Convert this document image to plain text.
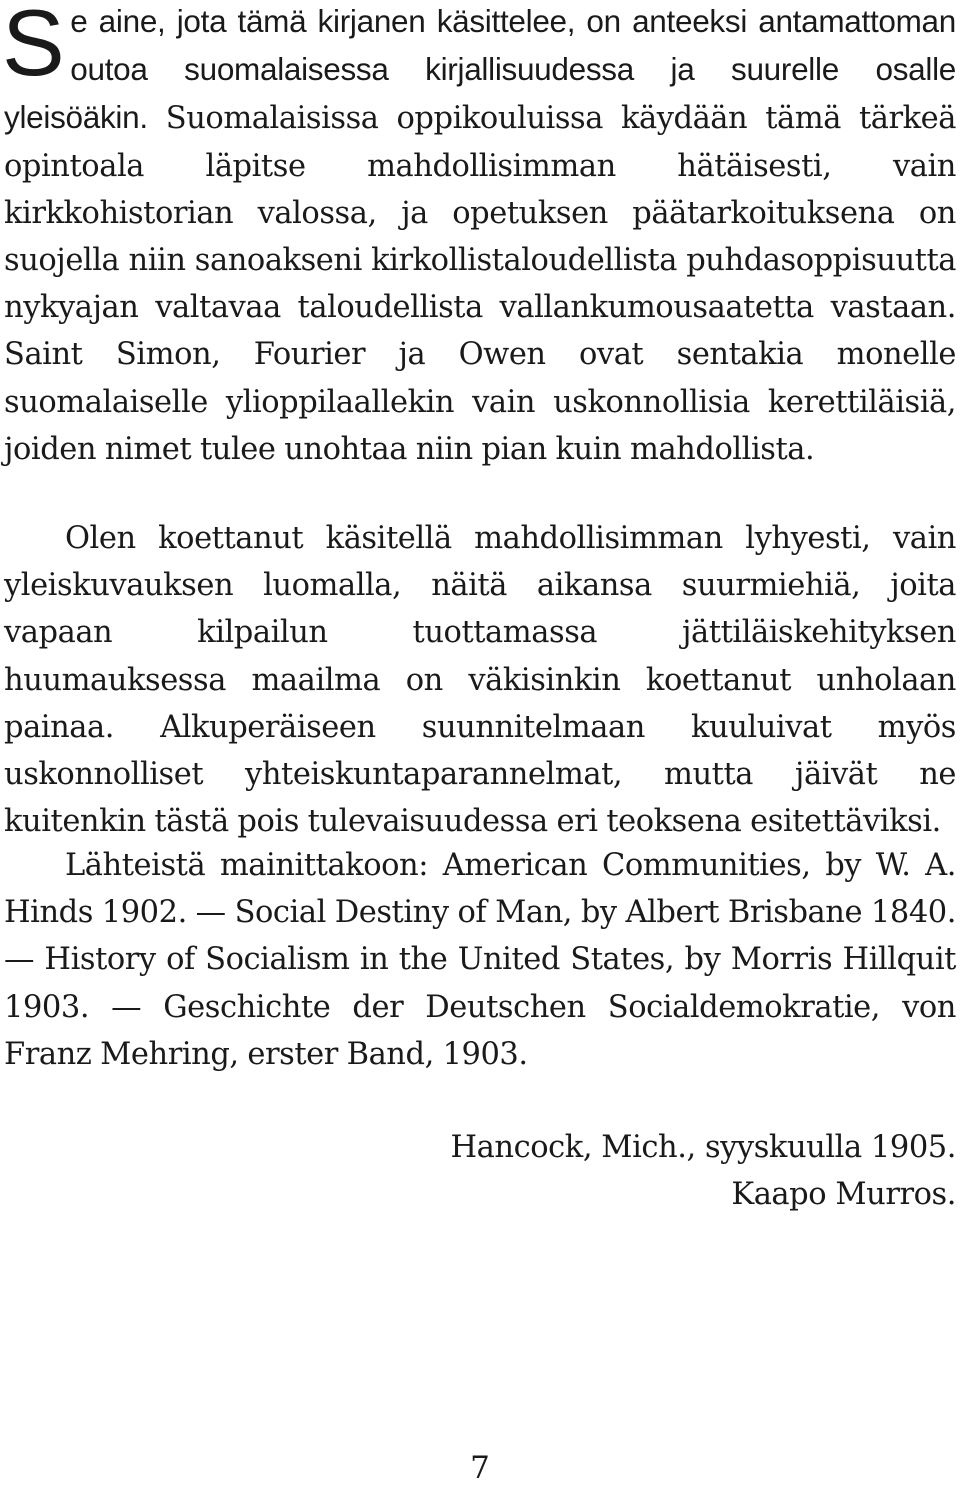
Se aine, jota tämä kirjanen käsittelee, on anteeksi antamattoman outoa suomalaisessa kirjallisuudessa ja suurelle osalle yleisöäkin. Suomalaisissa oppikouluissa käydään tämä tärkeä opintoala läpitse mahdollisimman hätäisesti, vain kirkkohistorian valossa, ja opetuksen päätarkoituksena on suojella niin sanoakseni kirkollistaloudellista puhdasoppisuutta nykyajan valtavaa taloudellista vallankumousaatetta vastaan. Saint Simon, Fourier ja Owen ovat sentakia monelle suomalaiselle ylioppilaallekin vain uskonnollisia kerettiläisiä, joiden nimet tulee unohtaa niin pian kuin mahdollista.

Olen koettanut käsitellä mahdollisimman lyhyesti, vain yleiskuvauksen luomalla, näitä aikansa suurmiehiä, joita vapaan kilpailun tuottamassa jättiläiskehityksen huumauksessa maailma on väkisinkin koettanut unholaan painaa. Alkuperäiseen suunnitelmaan kuuluivat myös uskonnolliset yhteiskuntaparannelmat, mutta jäivät ne kuitenkin tästä pois tulevaisuudessa eri teoksena esitettäviksi.

Lähteistä mainittakoon: American Communities, by W. A. Hinds 1902. — Social Destiny of Man, by Albert Brisbane 1840. — History of Socialism in the United States, by Morris Hillquit 1903. — Geschichte der Deutschen Socialdemokratie, von Franz Mehring, erster Band, 1903.

Hancock, Mich., syyskuulla 1905.
Kaapo Murros.
7
